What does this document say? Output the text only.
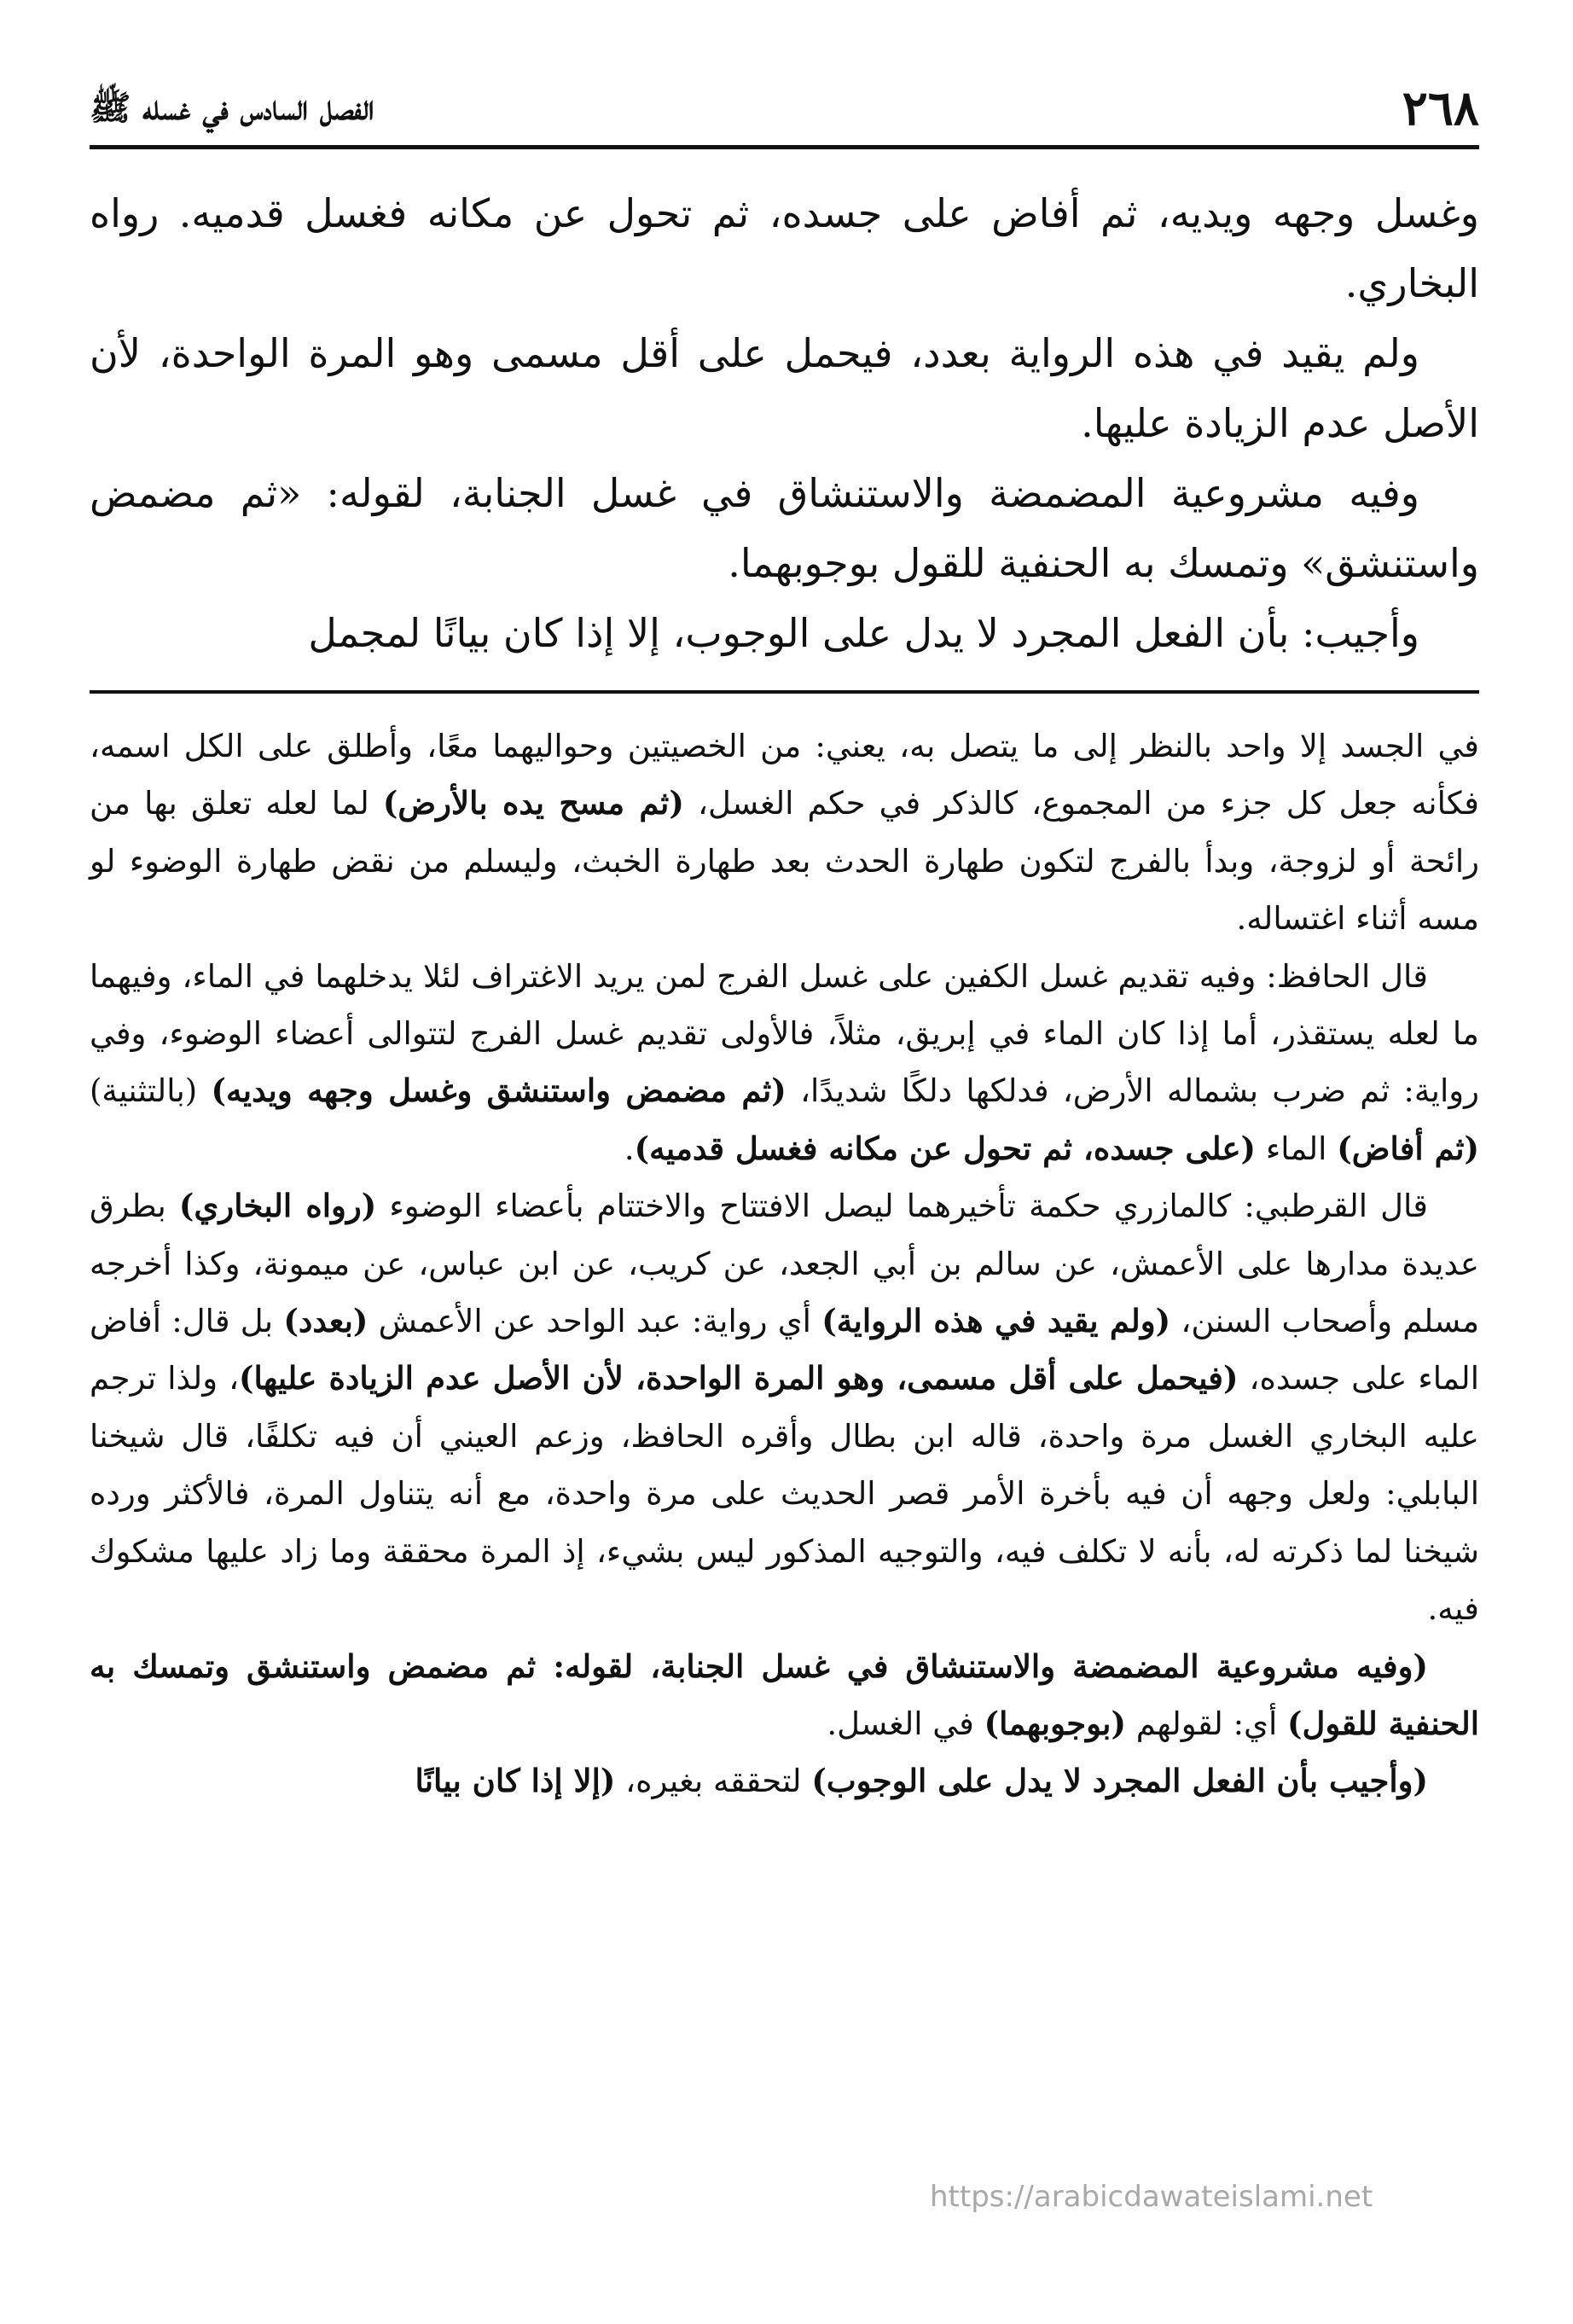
٢٦٨
الفصل السادس في غسله ﷺ

وغسل وجهه ويديه، ثم أفاض على جسده، ثم تحول عن مكانه فغسل قدميه. رواه البخاري.

ولم يقيد في هذه الرواية بعدد، فيحمل على أقل مسمى وهو المرة الواحدة، لأن الأصل عدم الزيادة عليها.

وفيه مشروعية المضمضة والاستنشاق في غسل الجنابة، لقوله: «ثم مضمض واستنشق» وتمسك به الحنفية للقول بوجوبهما.

وأجيب: بأن الفعل المجرد لا يدل على الوجوب، إلا إذا كان بيانًا لمجمل

في الجسد إلا واحد بالنظر إلى ما يتصل به، يعني: من الخصيتين وحواليهما معًا، وأطلق على الكل اسمه، فكأنه جعل كل جزء من المجموع، كالذكر في حكم الغسل، (ثم مسح يده بالأرض) لما لعله تعلق بها من رائحة أو لزوجة، وبدأ بالفرج لتكون طهارة الحدث بعد طهارة الخبث، وليسلم من نقض طهارة الوضوء لو مسه أثناء اغتساله.

قال الحافظ: وفيه تقديم غسل الكفين على غسل الفرج لمن يريد الاغتراف لئلا يدخلهما في الماء، وفيهما ما لعله يستقذر، أما إذا كان الماء في إبريق، مثلاً، فالأولى تقديم غسل الفرج لتتوالى أعضاء الوضوء، وفي رواية: ثم ضرب بشماله الأرض، فدلكها دلكًا شديدًا، (ثم مضمض واستنشق وغسل وجهه ويديه) (بالتثنية) (ثم أفاض) الماء (على جسده، ثم تحول عن مكانه فغسل قدميه).

قال القرطبي: كالمازري حكمة تأخيرهما ليصل الافتتاح والاختتام بأعضاء الوضوء (رواه البخاري) بطرق عديدة مدارها على الأعمش، عن سالم بن أبي الجعد، عن كريب، عن ابن عباس، عن ميمونة، وكذا أخرجه مسلم وأصحاب السنن، (ولم يقيد في هذه الرواية) أي رواية: عبد الواحد عن الأعمش (بعدد) بل قال: أفاض الماء على جسده، (فيحمل على أقل مسمى، وهو المرة الواحدة، لأن الأصل عدم الزيادة عليها)، ولذا ترجم عليه البخاري الغسل مرة واحدة، قاله ابن بطال وأقره الحافظ، وزعم العيني أن فيه تكلفًا، قال شيخنا البابلي: ولعل وجهه أن فيه بأخرة الأمر قصر الحديث على مرة واحدة، مع أنه يتناول المرة، فالأكثر ورده شيخنا لما ذكرته له، بأنه لا تكلف فيه، والتوجيه المذكور ليس بشيء، إذ المرة محققة وما زاد عليها مشكوك فيه.

(وفيه مشروعية المضمضة والاستنشاق في غسل الجنابة، لقوله: ثم مضمض واستنشق وتمسك به الحنفية للقول) أي: لقولهم (بوجوبهما) في الغسل.

(وأجيب بأن الفعل المجرد لا يدل على الوجوب) لتحققه بغيره، (إلا إذا كان بيانًا

https://arabicdawateislami.net
